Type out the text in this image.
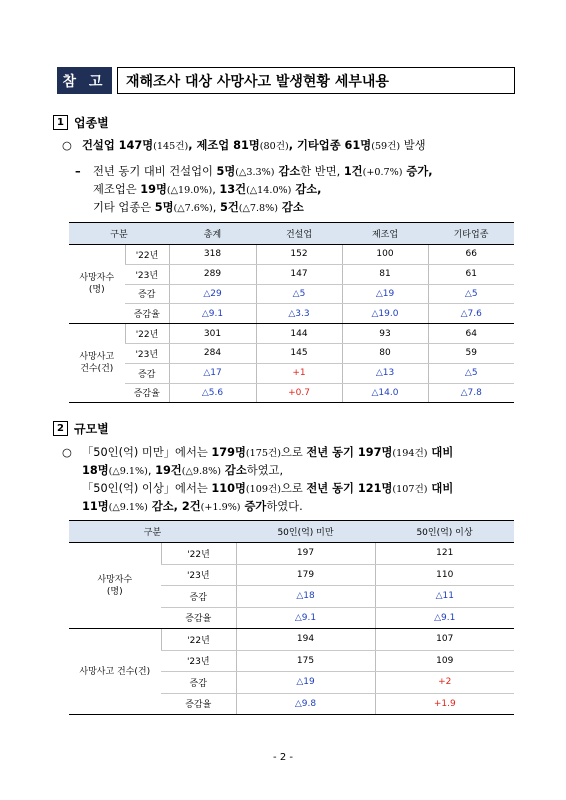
참 고	재해조사 대상 사망사고 발생현황 세부내용
1 업종별
○ 건설업 147명(145건), 제조업 81명(80건), 기타업종 61명(59건) 발생
– 전년 동기 대비 건설업이 5명(△3.3%) 감소한 반면, 1건(+0.7%) 증가,
제조업은 19명(△19.0%), 13건(△14.0%) 감소,
기타 업종은 5명(△7.6%), 5건(△7.8%) 감소
구분		총계	건설업	제조업	기타업종
사망자수
(명)	'22년	318	152	100	66
	'23년	289	147	81	61
	증감	△29	△5	△19	△5
	증감율	△9.1	△3.3	△19.0	△7.6
사망사고
건수(건)	'22년	301	144	93	64
	'23년	284	145	80	59
	증감	△17	+1	△13	△5
	증감율	△5.6	+0.7	△14.0	△7.8
2 규모별
○ 「50인(억) 미만」에서는 179명(175건)으로 전년 동기 197명(194건) 대비
18명(△9.1%), 19건(△9.8%) 감소하였고,
「50인(억) 이상」에서는 110명(109건)으로 전년 동기 121명(107건) 대비
11명(△9.1%) 감소, 2건(+1.9%) 증가하였다.
구분		50인(억) 미만	50인(억) 이상
사망자수
(명)	'22년	197	121
	'23년	179	110
	증감	△18	△11
	증감율	△9.1	△9.1
사망사고 건수(건)	'22년	194	107
	'23년	175	109
	증감	△19	+2
	증감율	△9.8	+1.9
- 2 -
